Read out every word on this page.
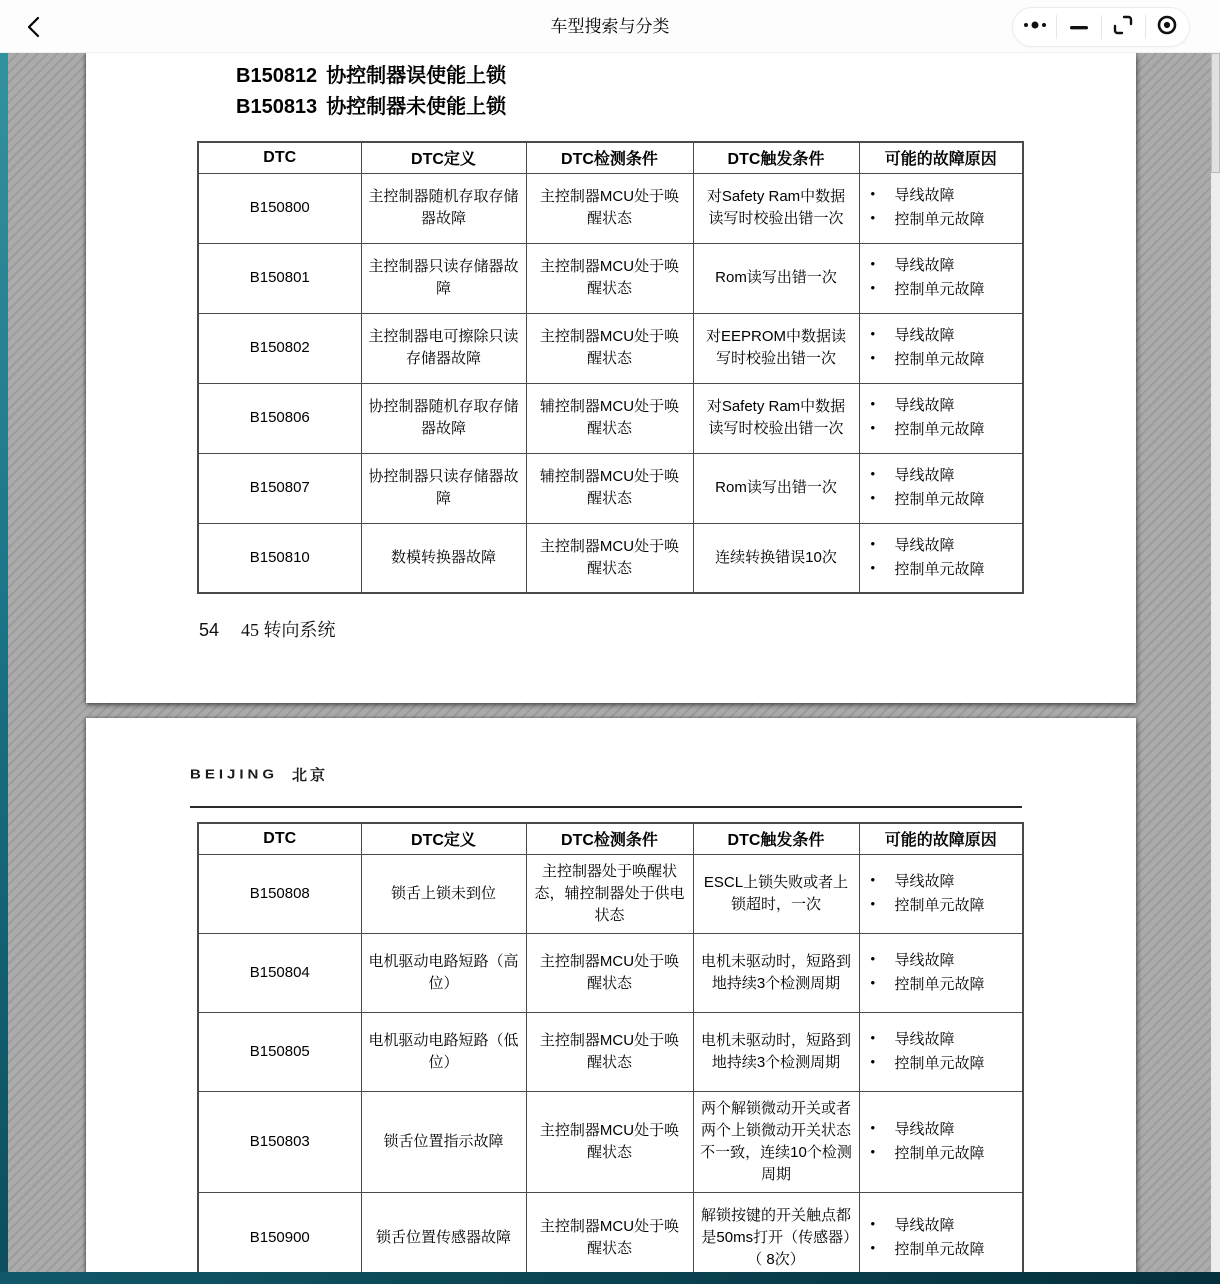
车型搜索与分类
B150812 协控制器误使能上锁
B150813 协控制器未使能上锁
DTC	DTC定义	DTC检测条件	DTC触发条件	可能的故障原因
B150800	主控制器随机存取存储器故障	主控制器MCU处于唤醒状态	对Safety Ram中数据读写时校验出错一次	• 导线故障
• 控制单元故障

B150801	主控制器只读存储器故障	主控制器MCU处于唤醒状态	Rom读写出错一次	• 导线故障
• 控制单元故障

B150802	主控制器电可擦除只读存储器故障	主控制器MCU处于唤醒状态	对EEPROM中数据读写时校验出错一次	• 导线故障
• 控制单元故障

B150806	协控制器随机存取存储器故障	辅控制器MCU处于唤醒状态	对Safety Ram中数据读写时校验出错一次	• 导线故障
• 控制单元故障

B150807	协控制器只读存储器故障	辅控制器MCU处于唤醒状态	Rom读写出错一次	• 导线故障
• 控制单元故障

B150810	数模转换器故障	主控制器MCU处于唤醒状态	连续转换错误10次	• 导线故障
• 控制单元故障
54 45 转向系统
BEIJING 北京
DTC	DTC定义	DTC检测条件	DTC触发条件	可能的故障原因
B150808	锁舌上锁未到位	主控制器处于唤醒状态，辅控制器处于供电状态	ESCL上锁失败或者上锁超时，一次	• 导线故障
• 控制单元故障

B150804	电机驱动电路短路（高位）	主控制器MCU处于唤醒状态	电机未驱动时，短路到地持续3个检测周期	• 导线故障
• 控制单元故障

B150805	电机驱动电路短路（低位）	主控制器MCU处于唤醒状态	电机未驱动时，短路到地持续3个检测周期	• 导线故障
• 控制单元故障

B150803	锁舌位置指示故障	主控制器MCU处于唤醒状态	两个解锁微动开关或者两个上锁微动开关状态不一致，连续10个检测周期	• 导线故障
• 控制单元故障

B150900	锁舌位置传感器故障	主控制器MCU处于唤醒状态	解锁按键的开关触点都是50ms打开（传感器）（ 8次）	• 导线故障
• 控制单元故障
